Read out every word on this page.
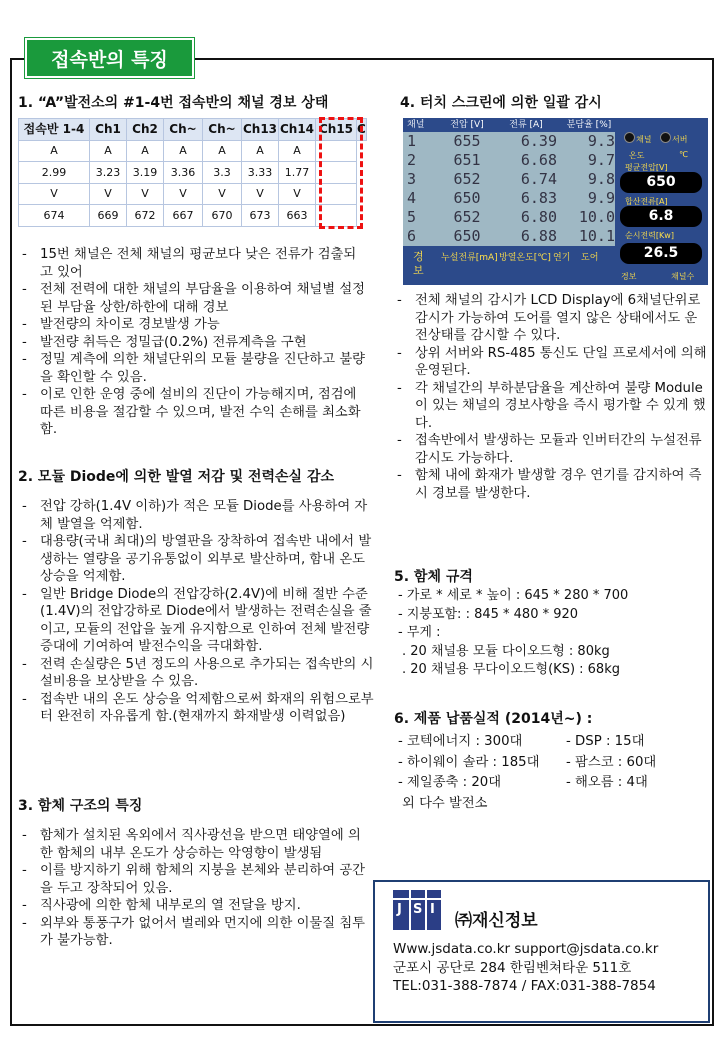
접속반의 특징
1. “A”발전소의 #1-4번 접속반의 채널 경보 상태
접속반 1-4	Ch1	Ch2	Ch~	Ch~	Ch13	Ch14	Ch15	C
A	A	A	A	A	A	A		
2.99	3.23	3.19	3.36	3.3	3.33	1.77		
V	V	V	V	V	V	V		
674	669	672	667	670	673	663		
- 15번 채널은 전체 채널의 평균보다 낮은 전류가 검출되고 있어
- 전체 전력에 대한 채널의 부담율을 이용하여 채널별 설정된 부담율 상한/하한에 대해 경보
- 발전량의 차이로 경보발생 가능
- 발전량 취득은 정밀급(0.2%) 전류계측을 구현
- 정밀 계측에 의한 채널단위의 모듈 불량을 진단하고 불량을 확인할 수 있음.
- 이로 인한 운영 중에 설비의 진단이 가능해지며, 점검에 따른 비용을 절감할 수 있으며, 발전 수익 손해를 최소화함.
2. 모듈 Diode에 의한 발열 저감 및 전력손실 감소
- 전압 강하(1.4V 이하)가 적은 모듈 Diode를 사용하여 자체 발열을 억제함.
- 대용량(국내 최대)의 방열판을 장착하여 접속반 내에서 발생하는 열량을 공기유통없이 외부로 발산하며, 함내 온도 상승을 억제함.
- 일반 Bridge Diode의 전압강하(2.4V)에 비해 절반 수준(1.4V)의 전압강하로 Diode에서 발생하는 전력손실을 줄이고, 모듈의 전압을 높게 유지함으로 인하여 전체 발전량 증대에 기여하여 발전수익을 극대화함.
- 전력 손실량은 5년 정도의 사용으로 추가되는 접속반의 시설비용을 보상받을 수 있음.
- 접속반 내의 온도 상승을 억제함으로써 화재의 위험으로부터 완전히 자유롭게 함.(현재까지 화재발생 이력없음)
3. 함체 구조의 특징
- 함체가 설치된 옥외에서 직사광선을 받으면 태양열에 의한 함체의 내부 온도가 상승하는 악영향이 발생됨
- 이를 방지하기 위해 함체의 지붕을 본체와 분리하여 공간을 두고 장착되어 있음.
- 직사광에 의한 함체 내부로의 열 전달을 방지.
- 외부와 통풍구가 없어서 벌레와 먼지에 의한 이물질 침투가 불가능함.
4. 터치 스크린에 의한 일괄 감시
채널	전압 [V]	전류 [A]	분담율 [%]
1	655	6.39	9.3
2	651	6.68	9.7
3	652	6.74	9.8
4	650	6.83	9.9
5	652	6.80	10.0
6	650	6.88	10.1
채널	서버
온도	℃
평균전압[V]
650
합산전류[A]
6.8
순시전력[Kw]
26.5
경보	채널수
경보
누설전류[mA] 방열온도[℃] 연기 도어
- 전체 채널의 감시가 LCD Display에 6채널단위로 감시가 가능하여 도어를 열지 않은 상태에서도 운전상태를 감시할 수 있다.
- 상위 서버와 RS-485 통신도 단일 프로세서에 의해 운영된다.
- 각 채널간의 부하분담율을 계산하여 불량 Module이 있는 채널의 경보사항을 즉시 평가할 수 있게 했다.
- 접속반에서 발생하는 모듈과 인버터간의 누설전류 감시도 가능하다.
- 함체 내에 화재가 발생할 경우 연기를 감지하여 즉시 경보를 발생한다.
5. 함체 규격
- 가로 * 세로 * 높이 : 645 * 280 * 700
- 지붕포함: : 845 * 480 * 920
- 무게 :
. 20 채널용 모듈 다이오드형 : 80kg
. 20 채널용 무다이오드형(KS) : 68kg
6. 제품 납품실적 (2014년~) :
- 코텍에너지 : 300대	- DSP : 15대
- 하이웨이 솔라 : 185대	- 팜스코 : 60대
- 제일종축 : 20대	- 해오름 : 4대
외 다수 발전소
J S I
㈜재신정보
Www.jsdata.co.kr support@jsdata.co.kr
군포시 공단로 284 한림벤쳐타운 511호
TEL:031-388-7874 / FAX:031-388-7854
